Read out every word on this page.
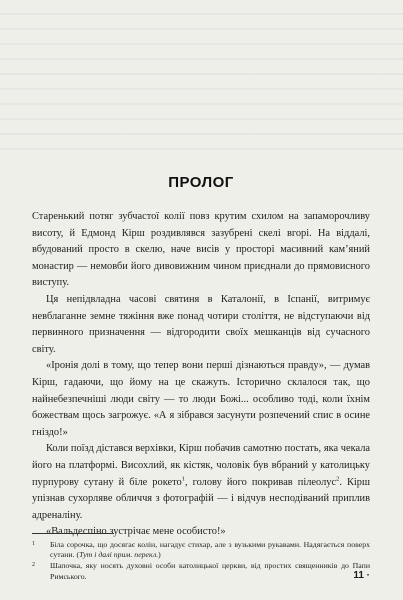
ПРОЛОГ

Старенький потяг зубчастої колії повз крутим схилом на запаморочливу висоту, й Едмонд Кірш роздивлявся зазубрені скелі вгорі. На віддалі, вбудований просто в скелю, наче висів у просторі масивний кам’яний монастир — немовби його дивовижним чином приєднали до прямовисного виступу.

Ця непідвладна часові святиня в Каталонії, в Іспанії, витримує невблаганне земне тяжіння вже понад чотири століття, не відступаючи від первинного призначення — відгородити своїх мешканців від сучасного світу.

«Іронія долі в тому, що тепер вони перші дізнаються правду», — думав Кірш, гадаючи, що йому на це скажуть. Історично склалося так, що найнебезпечніші люди світу — то люди Божі... особливо тоді, коли їхнім божествам щось загрожує. «А я зібрався засунути розпечений спис в осине гніздо!»

Коли поїзд дістався верхівки, Кірш побачив самотню постать, яка чекала його на платформі. Висохлий, як кістяк, чоловік був вбраний у католицьку пурпурову сутану й біле рокето$^1$, голову його покривав пілеолус$^2$. Кірш упізнав сухорляве обличчя з фотографій — і відчув несподіваний приплив адреналіну.

«Вальдеспіно зустрічає мене особисто!»

1 Біла сорочка, що досягає колін, нагадує стихар, але з вузькими рукавами. Надягається поверх сутани. (Тут і далі прим. перекл.)
2 Шапочка, яку носять духовні особи католицької церкви, від простих священників до Папи Римського.	11 ·
